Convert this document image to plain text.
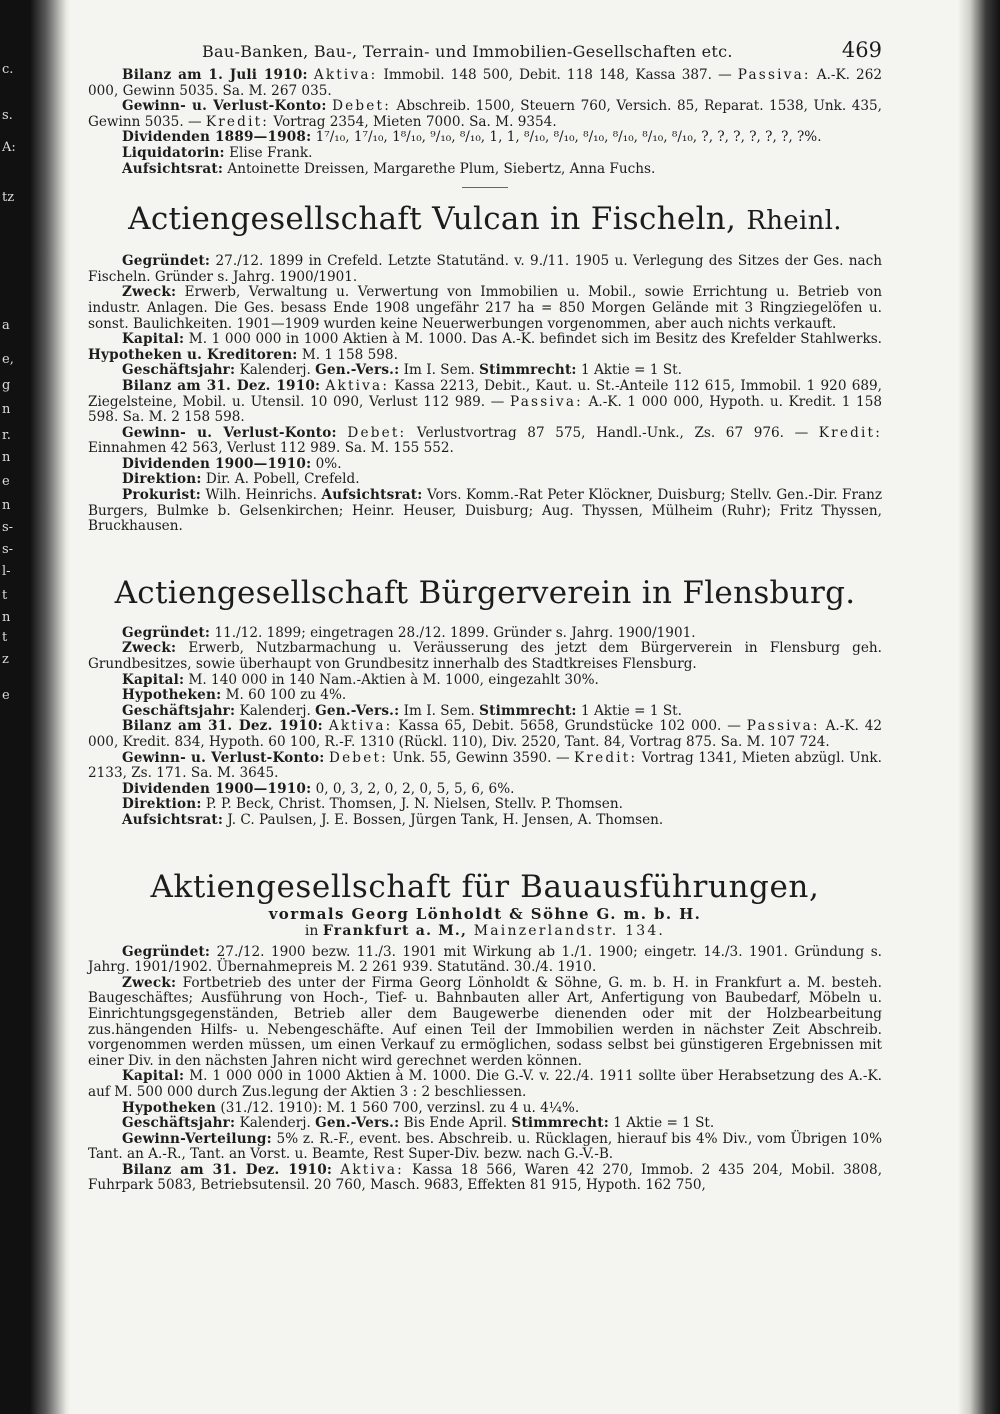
c.
s.
A:
tz
a
e,
g
n
r.
n
e
n
s-
s-
l-
t
n
t
z
e
Bau-Banken, Bau-, Terrain- und Immobilien-Gesellschaften etc.	469

Bilanz am 1. Juli 1910: Aktiva: Immobil. 148 500, Debit. 118 148, Kassa 387. — Passiva: A.-K. 262 000, Gewinn 5035. Sa. M. 267 035.

Gewinn- u. Verlust-Konto: Debet: Abschreib. 1500, Steuern 760, Versich. 85, Reparat. 1538, Unk. 435, Gewinn 5035. — Kredit: Vortrag 2354, Mieten 7000. Sa. M. 9354.

Dividenden 1889—1908: 1⁷/₁₀, 1⁷/₁₀, 1⁸/₁₀, ⁹/₁₀, ⁸/₁₀, 1, 1, ⁸/₁₀, ⁸/₁₀, ⁸/₁₀, ⁸/₁₀, ⁸/₁₀, ⁸/₁₀, ?, ?, ?, ?, ?, ?, ?%.

Liquidatorin: Elise Frank.

Aufsichtsrat: Antoinette Dreissen, Margarethe Plum, Siebertz, Anna Fuchs.

Actiengesellschaft Vulcan in Fischeln, Rheinl.

Gegründet: 27./12. 1899 in Crefeld. Letzte Statutänd. v. 9./11. 1905 u. Verlegung des Sitzes der Ges. nach Fischeln. Gründer s. Jahrg. 1900/1901.

Zweck: Erwerb, Verwaltung u. Verwertung von Immobilien u. Mobil., sowie Errichtung u. Betrieb von industr. Anlagen. Die Ges. besass Ende 1908 ungefähr 217 ha = 850 Morgen Gelände mit 3 Ringziegelöfen u. sonst. Baulichkeiten. 1901—1909 wurden keine Neuerwerbungen vorgenommen, aber auch nichts verkauft.

Kapital: M. 1 000 000 in 1000 Aktien à M. 1000. Das A.-K. befindet sich im Besitz des Krefelder Stahlwerks. Hypotheken u. Kreditoren: M. 1 158 598.

Geschäftsjahr: Kalenderj. Gen.-Vers.: Im I. Sem. Stimmrecht: 1 Aktie = 1 St.

Bilanz am 31. Dez. 1910: Aktiva: Kassa 2213, Debit., Kaut. u. St.-Anteile 112 615, Immobil. 1 920 689, Ziegelsteine, Mobil. u. Utensil. 10 090, Verlust 112 989. — Passiva: A.-K. 1 000 000, Hypoth. u. Kredit. 1 158 598. Sa. M. 2 158 598.

Gewinn- u. Verlust-Konto: Debet: Verlustvortrag 87 575, Handl.-Unk., Zs. 67 976. — Kredit: Einnahmen 42 563, Verlust 112 989. Sa. M. 155 552.

Dividenden 1900—1910: 0%.

Direktion: Dir. A. Pobell, Crefeld.

Prokurist: Wilh. Heinrichs. Aufsichtsrat: Vors. Komm.-Rat Peter Klöckner, Duisburg; Stellv. Gen.-Dir. Franz Burgers, Bulmke b. Gelsenkirchen; Heinr. Heuser, Duisburg; Aug. Thyssen, Mülheim (Ruhr); Fritz Thyssen, Bruckhausen.

Actiengesellschaft Bürgerverein in Flensburg.

Gegründet: 11./12. 1899; eingetragen 28./12. 1899. Gründer s. Jahrg. 1900/1901.

Zweck: Erwerb, Nutzbarmachung u. Veräusserung des jetzt dem Bürgerverein in Flensburg geh. Grundbesitzes, sowie überhaupt von Grundbesitz innerhalb des Stadtkreises Flensburg.

Kapital: M. 140 000 in 140 Nam.-Aktien à M. 1000, eingezahlt 30%.

Hypotheken: M. 60 100 zu 4%.

Geschäftsjahr: Kalenderj. Gen.-Vers.: Im I. Sem. Stimmrecht: 1 Aktie = 1 St.

Bilanz am 31. Dez. 1910: Aktiva: Kassa 65, Debit. 5658, Grundstücke 102 000. — Passiva: A.-K. 42 000, Kredit. 834, Hypoth. 60 100, R.-F. 1310 (Rückl. 110), Div. 2520, Tant. 84, Vortrag 875. Sa. M. 107 724.

Gewinn- u. Verlust-Konto: Debet: Unk. 55, Gewinn 3590. — Kredit: Vortrag 1341, Mieten abzügl. Unk. 2133, Zs. 171. Sa. M. 3645.

Dividenden 1900—1910: 0, 0, 3, 2, 0, 2, 0, 5, 5, 6, 6%.

Direktion: P. P. Beck, Christ. Thomsen, J. N. Nielsen, Stellv. P. Thomsen.

Aufsichtsrat: J. C. Paulsen, J. E. Bossen, Jürgen Tank, H. Jensen, A. Thomsen.

Aktiengesellschaft für Bauausführungen,

vormals Georg Lönholdt & Söhne G. m. b. H.

in Frankfurt a. M., Mainzerlandstr. 134.

Gegründet: 27./12. 1900 bezw. 11./3. 1901 mit Wirkung ab 1./1. 1900; eingetr. 14./3. 1901. Gründung s. Jahrg. 1901/1902. Übernahmepreis M. 2 261 939. Statutänd. 30./4. 1910.

Zweck: Fortbetrieb des unter der Firma Georg Lönholdt & Söhne, G. m. b. H. in Frankfurt a. M. besteh. Baugeschäftes; Ausführung von Hoch-, Tief- u. Bahnbauten aller Art, Anfertigung von Baubedarf, Möbeln u. Einrichtungsgegenständen, Betrieb aller dem Baugewerbe dienenden oder mit der Holzbearbeitung zus.hängenden Hilfs- u. Nebengeschäfte. Auf einen Teil der Immobilien werden in nächster Zeit Abschreib. vorgenommen werden müssen, um einen Verkauf zu ermöglichen, sodass selbst bei günstigeren Ergebnissen mit einer Div. in den nächsten Jahren nicht wird gerechnet werden können.

Kapital: M. 1 000 000 in 1000 Aktien à M. 1000. Die G.-V. v. 22./4. 1911 sollte über Herabsetzung des A.-K. auf M. 500 000 durch Zus.legung der Aktien 3 : 2 beschliessen.

Hypotheken (31./12. 1910): M. 1 560 700, verzinsl. zu 4 u. 4¼%.

Geschäftsjahr: Kalenderj. Gen.-Vers.: Bis Ende April. Stimmrecht: 1 Aktie = 1 St.

Gewinn-Verteilung: 5% z. R.-F., event. bes. Abschreib. u. Rücklagen, hierauf bis 4% Div., vom Übrigen 10% Tant. an A.-R., Tant. an Vorst. u. Beamte, Rest Super-Div. bezw. nach G.-V.-B.

Bilanz am 31. Dez. 1910: Aktiva: Kassa 18 566, Waren 42 270, Immob. 2 435 204, Mobil. 3808, Fuhrpark 5083, Betriebsutensil. 20 760, Masch. 9683, Effekten 81 915, Hypoth. 162 750,
